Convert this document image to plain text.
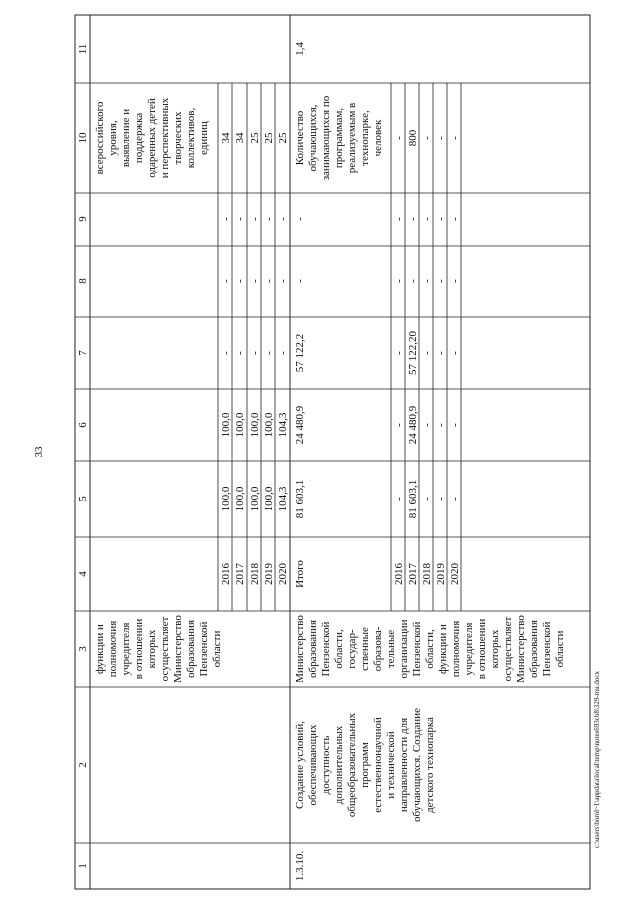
33
c:\users\borol~1\appdata\local\temp\notes693cb8\329-mu.docx
1
2
3
4
5
6
7
8
9
10
11
функции и полномочия учредителя в отношении которых осуществляет Министерство образования Пензенской области
всероссийского уровня, выявление и поддержка одаренных детей и перспективных творческих коллективов, единиц
2016 2017 2018 2019 2020
100,0 100,0 100,0 100,0 104,3
100,0 100,0 100,0 100,0 104,3
- - - - -
- - - - -
- - - - -
34 34 25 25 25
1.3.10.
Создание условий, обеспечивающих доступность дополнительных общеобразовательных программ естественнонаучной и технической направленности для обучающихся. Создание детского технопарка
Министерство образования Пензенской области, государ- ственные образова- тельные организации Пензенской области, функции и полномочия учредителя в отношении которых осуществляет Министерство образования Пензенской области
Итого
81 603,1
24 480,9
57 122,2
-
-
Количество обучающихся, занимающихся по программам, реализуемым в технопарке, человек
1,4
2016 2017 2018 2019 2020
- 81 603,1 - - -
- 24 480,9 - - -
- 57 122,20 - - -
- - - - -
- - - - -
- 800 - - -
